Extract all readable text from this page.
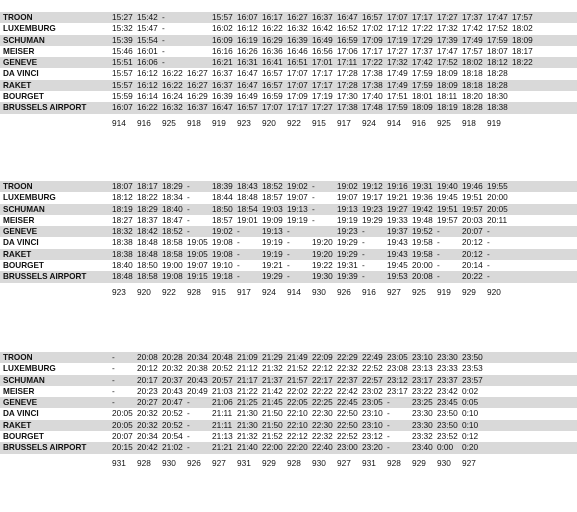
TROON	15:27 15:42 -	15:57 16:07 16:17 16:27 16:37 16:47 16:57 17:07 17:17 17:27 17:37 17:47 17:57
LUXEMBURG	15:32 15:47 -	16:02 16:12 16:22 16:32 16:42 16:52 17:02 17:12 17:22 17:32 17:42 17:52 18:02
SCHUMAN	15:39 15:54 -	16:09 16:19 16:29 16:39 16:49 16:59 17:09 17:19 17:29 17:39 17:49 17:59 18:09
MEISER	15:46 16:01 -	16:16 16:26 16:36 16:46 16:56 17:06 17:17 17:27 17:37 17:47 17:57 18:07 18:17
GENEVE	15:51 16:06 -	16:21 16:31 16:41 16:51 17:01 17:11 17:22 17:32 17:42 17:52 18:02 18:12 18:22
DA VINCI	15:57 16:12 16:22 16:27 16:37 16:47 16:57 17:07 17:17 17:28 17:38 17:49 17:59 18:09 18:18 18:28
RAKET	15:57 16:12 16:22 16:27 16:37 16:47 16:57 17:07 17:17 17:28 17:38 17:49 17:59 18:09 18:18 18:28
BOURGET	15:59 16:14 16:24 16:29 16:39 16:49 16:59 17:09 17:19 17:30 17:40 17:51 18:01 18:11 18:20 18:30
BRUSSELS AIRPORT	16:07 16:22 16:32 16:37 16:47 16:57 17:07 17:17 17:27 17:38 17:48 17:59 18:09 18:19 18:28 18:38
914	916	925	918	919	923	920	922	915	917	924	914	916	925	918	919
TROON	18:07 18:17 18:29 -	18:39 18:43 18:52 19:02 -	19:02 19:12 19:16 19:31 19:40 19:46 19:55
LUXEMBURG	18:12 18:22 18:34 -	18:44 18:48 18:57 19:07 -	19:07 19:17 19:21 19:36 19:45 19:51 20:00
SCHUMAN	18:19 18:29 18:40 -	18:50 18:54 19:03 19:13 -	19:13 19:23 19:27 19:42 19:51 19:57 20:05
MEISER	18:27 18:37 18:47 -	18:57 19:01 19:09 19:19 -	19:19 19:29 19:33 19:48 19:57 20:03 20:11
GENEVE	18:32 18:42 18:52 -	19:02 -	19:13 -	19:23 -	19:37 19:52 -	20:07 -
DA VINCI	18:38 18:48 18:58 19:05 19:08 -	19:19 -	19:20 19:29 -	19:43 19:58 -	20:12 -
RAKET	18:38 18:48 18:58 19:05 19:08 -	19:19 -	19:20 19:29 -	19:43 19:58 -	20:12 -
BOURGET	18:40 18:50 19:00 19:07 19:10 -	19:21 -	19:22 19:31 -	19:45 20:00 -	20:14 -
BRUSSELS AIRPORT	18:48 18:58 19:08 19:15 19:18 -	19:29 -	19:30 19:39 -	19:53 20:08 -	20:22 -
923	920	922	928	915	917	924	914	930	926	916	927	925	919	929	920
TROON	-	20:08 20:28 20:34 20:48 21:09 21:29 21:49 22:09 22:29 22:49 23:05 23:10 23:30 23:50
LUXEMBURG	-	20:12 20:32 20:38 20:52 21:12 21:32 21:52 22:12 22:32 22:52 23:08 23:13 23:33 23:53
SCHUMAN	-	20:17 20:37 20:43 20:57 21:17 21:37 21:57 22:17 22:37 22:57 23:12 23:17 23:37 23:57
MEISER	-	20:23 20:43 20:49 21:03 21:22 21:42 22:02 22:22 22:42 23:02 23:17 23:22 23:42 0:02
GENEVE	-	20:27 20:47 -	21:06 21:25 21:45 22:05 22:25 22:45 23:05 -	23:25 23:45 0:05
DA VINCI	20:05 20:32 20:52 -	21:11 21:30 21:50 22:10 22:30 22:50 23:10 -	23:30 23:50 0:10
RAKET	20:05 20:32 20:52 -	21:11 21:30 21:50 22:10 22:30 22:50 23:10 -	23:30 23:50 0:10
BOURGET	20:07 20:34 20:54 -	21:13 21:32 21:52 22:12 22:32 22:52 23:12 -	23:32 23:52 0:12
BRUSSELS AIRPORT	20:15 20:42 21:02 -	21:21 21:40 22:00 22:20 22:40 23:00 23:20 -	23:40 0:00	0:20
931	928	930	926	927	931	929	928	930	927	931	928	929	930	927
